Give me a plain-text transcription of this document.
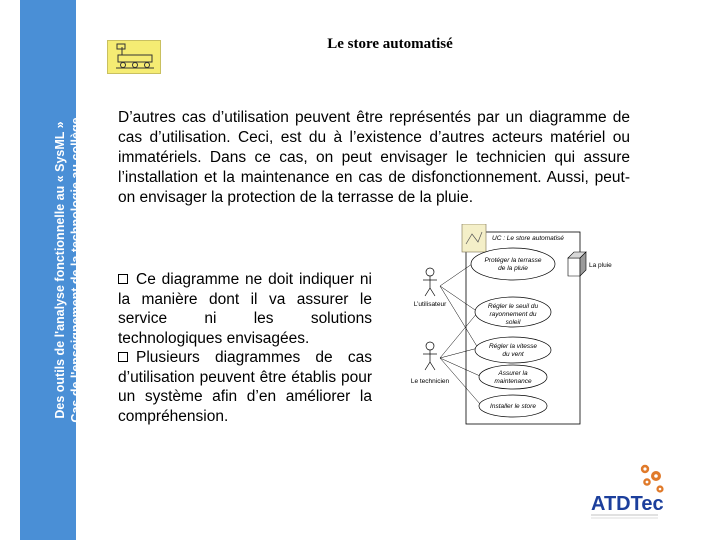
Des outils de l'analyse fonctionnelle au « SysML » Cas de l'enseignement de la technologie au collège
Le store automatisé
D’autres cas d’utilisation peuvent être représentés par un diagramme de cas d’utilisation. Ceci, est du à l’existence d’autres acteurs matériel ou immatériels. Dans ce cas, on peut envisager le technicien qui assure l’installation et la maintenance en cas de disfonctionnement. Aussi, peut-on envisager la protection de la terrasse de la pluie.
Ce diagramme ne doit indiquer ni la manière dont il va assurer le service ni les solutions technologiques envisagées.
Plusieurs diagrammes de cas d’utilisation peuvent être établis pour un système afin d’en améliorer la compréhension.
UC : Le store automatisé
Protéger la terrasse
de la pluie
Régler le seuil du
rayonnement du
soleil
Régler la vitesse
du vent
Assurer la
maintenance
Installer le store
L’utilisateur
Le technicien
La pluie
ATDTec
